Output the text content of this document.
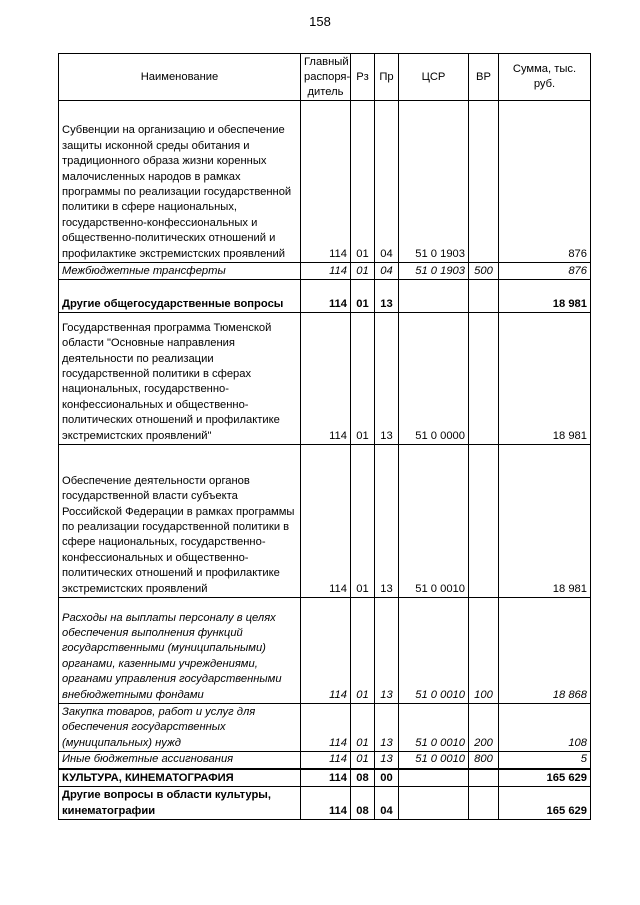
158
Наименование	Главный распоря-дитель	Рз	Пр	ЦСР	ВР	Сумма, тыс. руб.
Субвенции на организацию и обеспечение защиты исконной среды обитания и традиционного образа жизни коренных малочисленных народов в рамках программы по реализации государственной политики в сфере национальных, государственно-конфессиональных и общественно-политических отношений и профилактике экстремистских проявлений	114	01	04	51 0 1903		876
Межбюджетные трансферты	114	01	04	51 0 1903	500	876
Другие общегосударственные вопросы	114	01	13			18 981
Государственная программа Тюменской области "Основные направления деятельности по реализации государственной политики в сферах национальных, государственно-конфессиональных и общественно-политических отношений и профилактике экстремистских проявлений"	114	01	13	51 0 0000		18 981
Обеспечение деятельности органов государственной власти субъекта Российской Федерации в рамках программы по реализации государственной политики в сфере национальных, государственно-конфессиональных и общественно-политических отношений и профилактике экстремистских проявлений	114	01	13	51 0 0010		18 981
Расходы на выплаты персоналу в целях обеспечения выполнения функций государственными (муниципальными) органами, казенными учреждениями, органами управления государственными внебюджетными фондами	114	01	13	51 0 0010	100	18 868
Закупка товаров, работ и услуг для обеспечения государственных (муниципальных) нужд	114	01	13	51 0 0010	200	108
Иные бюджетные ассигнования	114	01	13	51 0 0010	800	5
КУЛЬТУРА, КИНЕМАТОГРАФИЯ	114	08	00			165 629
Другие вопросы в области культуры, кинематографии	114	08	04			165 629
